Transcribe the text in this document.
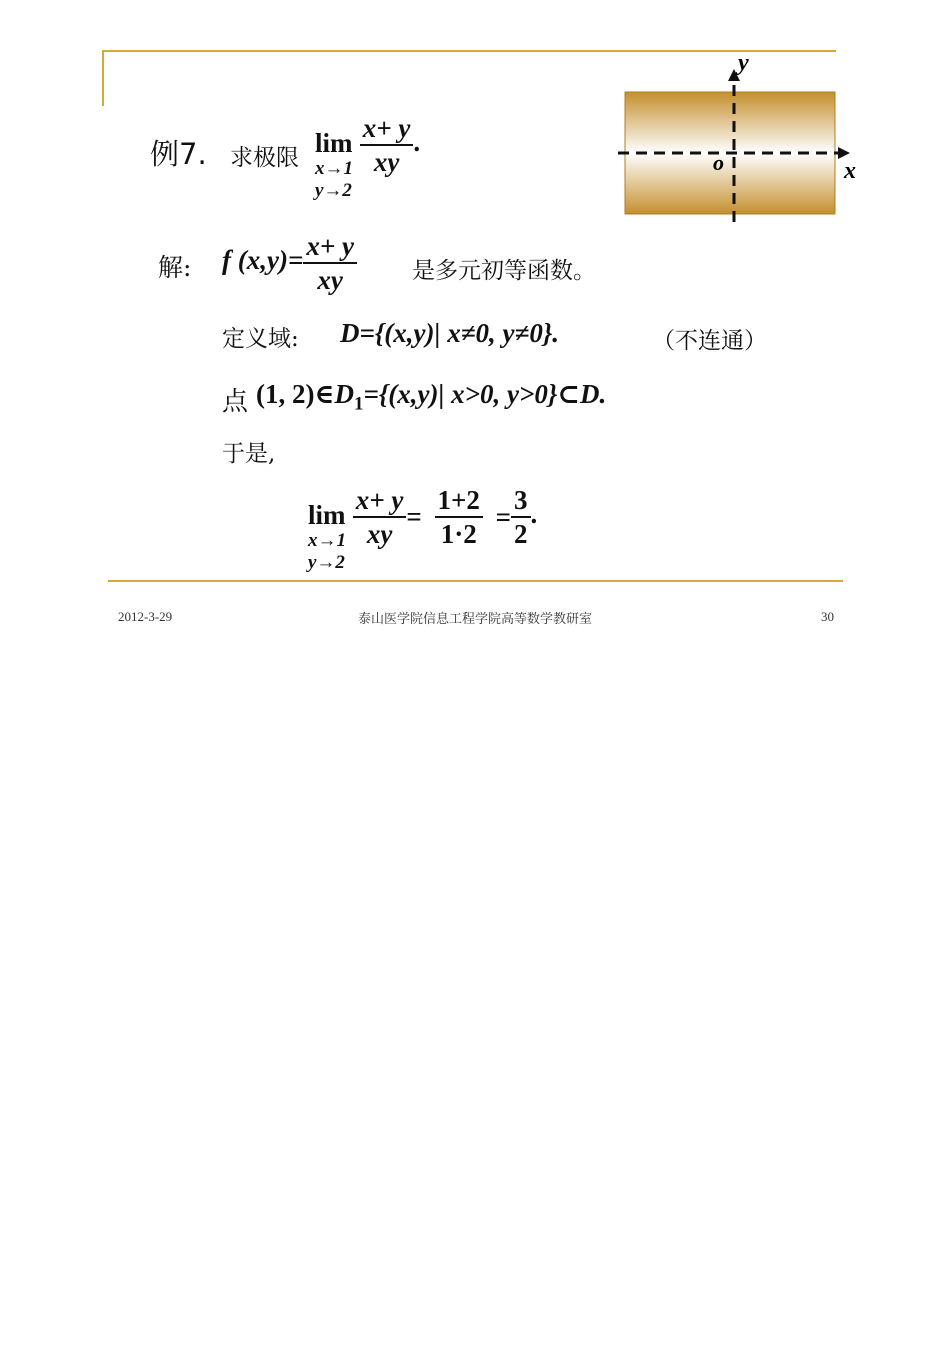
例7. 求极限 lim
x→1
y→2

$\frac{x+ y}{xy}$ .
y
x
o
解: f $(x,y)= \frac{x+ y}{xy}$ 是多元初等函数。
定义域: D={(x,y)| x≠0, y≠0}.	（不连通）
点 (1, $2)\in D_1=\{(x,y)|$ x>0, y>0}⊂D.
于是,
lim
x→1
y→2

$\frac{x+ y}{xy} = \frac{1+2}{1\cdot 2} = \frac{3}{2}$ .
2012-3-29	泰山医学院信息工程学院高等数学教研室	30
